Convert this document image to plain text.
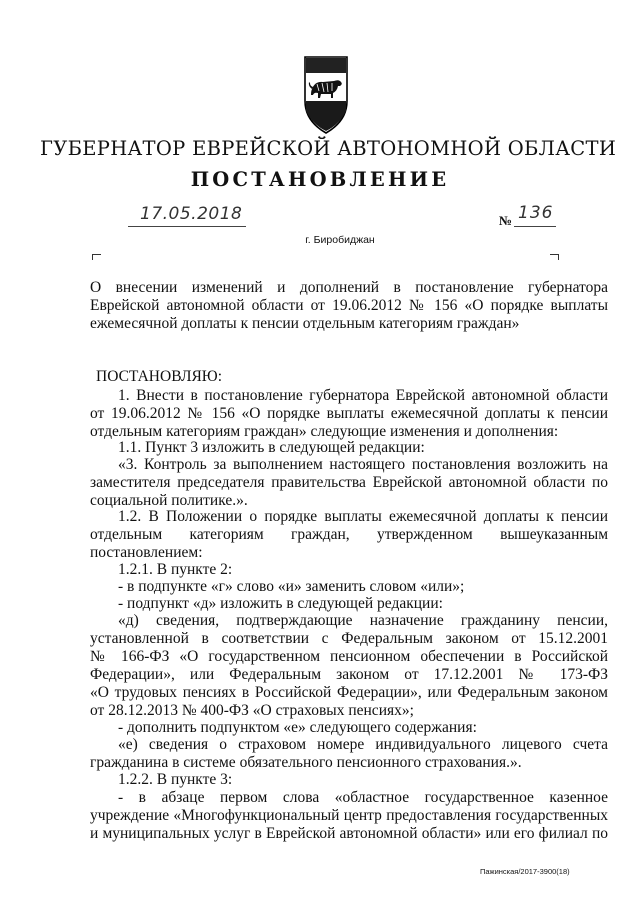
ГУБЕРНАТОР ЕВРЕЙСКОЙ АВТОНОМНОЙ ОБЛАСТИ
ПОСТАНОВЛЕНИЕ
17.05.2018	№ 136
г. Биробиджан
О внесении изменений и дополнений в постановление губернатора
Еврейской автономной области от 19.06.2012 № 156 «О порядке выплаты
ежемесячной доплаты к пенсии отдельным категориям граждан»
ПОСТАНОВЛЯЮ:
1. Внести в постановление губернатора Еврейской автономной области
от 19.06.2012 № 156 «О порядке выплаты ежемесячной доплаты к пенсии
отдельным категориям граждан» следующие изменения и дополнения:
1.1. Пункт 3 изложить в следующей редакции:
«3. Контроль за выполнением настоящего постановления возложить на
заместителя председателя правительства Еврейской автономной области по
социальной политике.».
1.2. В Положении о порядке выплаты ежемесячной доплаты к пенсии
отдельным категориям граждан, утвержденном вышеуказанным
постановлением:
1.2.1. В пункте 2:
- в подпункте «г» слово «и» заменить словом «или»;
- подпункт «д» изложить в следующей редакции:
«д) сведения, подтверждающие назначение гражданину пенсии,
установленной в соответствии с Федеральным законом от 15.12.2001
№ 166-ФЗ «О государственном пенсионном обеспечении в Российской
Федерации», или Федеральным законом от 17.12.2001 № 173-ФЗ
«О трудовых пенсиях в Российской Федерации», или Федеральным законом
от 28.12.2013 № 400-ФЗ «О страховых пенсиях»;
- дополнить подпунктом «е» следующего содержания:
«е) сведения о страховом номере индивидуального лицевого счета
гражданина в системе обязательного пенсионного страхования.».
1.2.2. В пункте 3:
- в абзаце первом слова «областное государственное казенное
учреждение «Многофункциональный центр предоставления государственных
и муниципальных услуг в Еврейской автономной области» или его филиал по
Пажинская/2017-3900(18)
